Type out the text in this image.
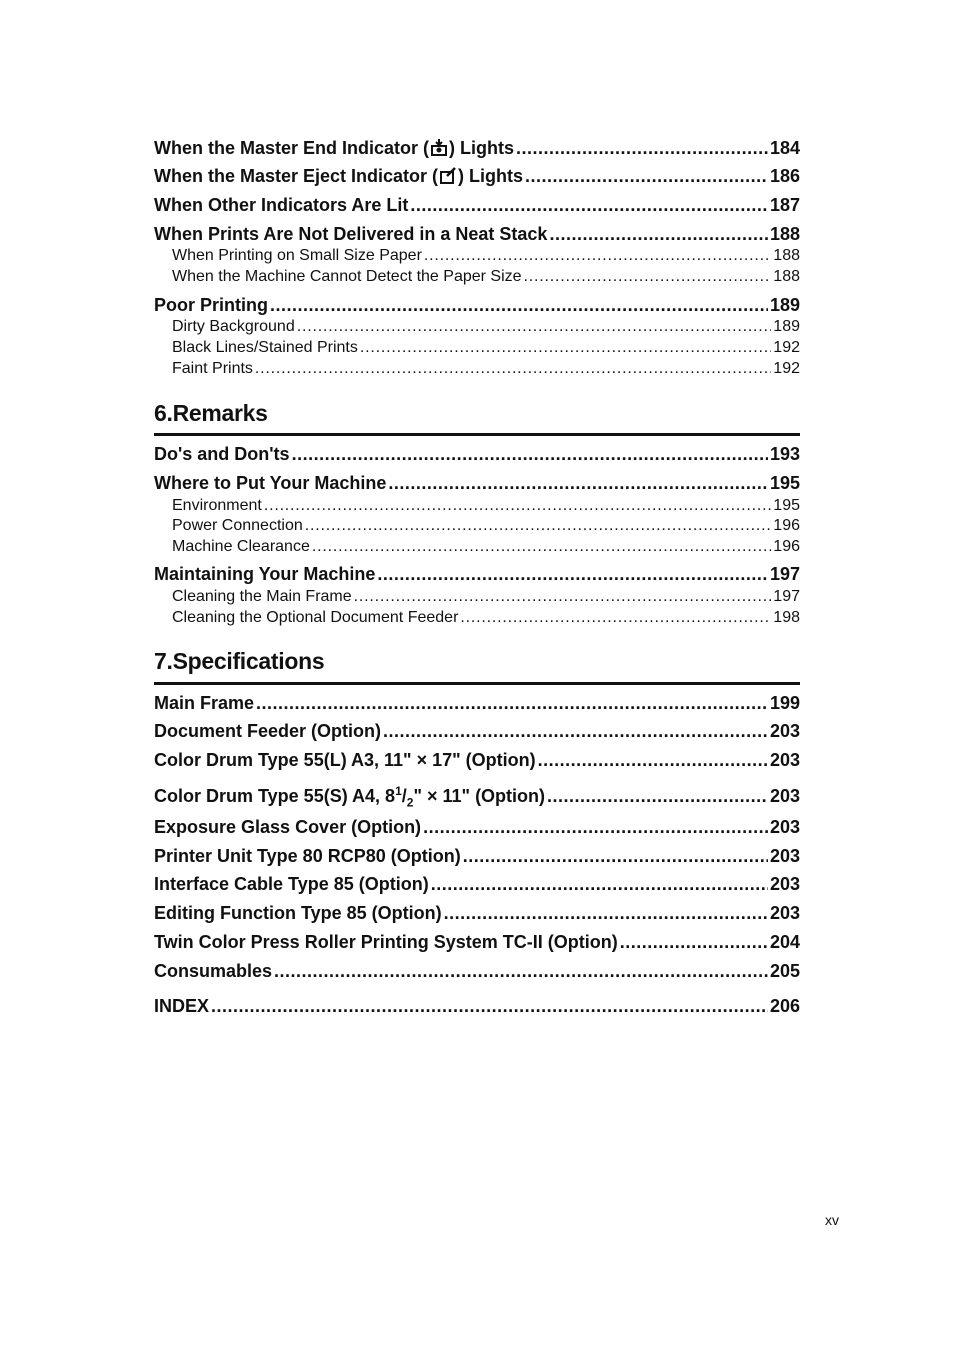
When the Master End Indicator ( ) Lights .....	184
When the Master Eject Indicator ( ) Lights .....	186
When Other Indicators Are Lit .....	187
When Prints Are Not Delivered in a Neat Stack .....	188
When Printing on Small Size Paper .....	188
When the Machine Cannot Detect the Paper Size .....	188
Poor Printing .....	189
Dirty Background .....	189
Black Lines/Stained Prints .....	192
Faint Prints .....	192
6.Remarks
Do's and Don'ts .....	193
Where to Put Your Machine .....	195
Environment .....	195
Power Connection .....	196
Machine Clearance .....	196
Maintaining Your Machine .....	197
Cleaning the Main Frame .....	197
Cleaning the Optional Document Feeder .....	198
7.Specifications
Main Frame .....	199
Document Feeder (Option) .....	203
Color Drum Type 55(L) A3, 11" × 17" (Option) .....	203
Color Drum Type 55(S) A4, $8^1/_2$" × 11" (Option) .....	203
Exposure Glass Cover (Option) .....	203
Printer Unit Type 80 RCP80 (Option) .....	203
Interface Cable Type 85 (Option) .....	203
Editing Function Type 85 (Option) .....	203
Twin Color Press Roller Printing System TC-II (Option) .....	204
Consumables .....	205
INDEX .....	206
xv
